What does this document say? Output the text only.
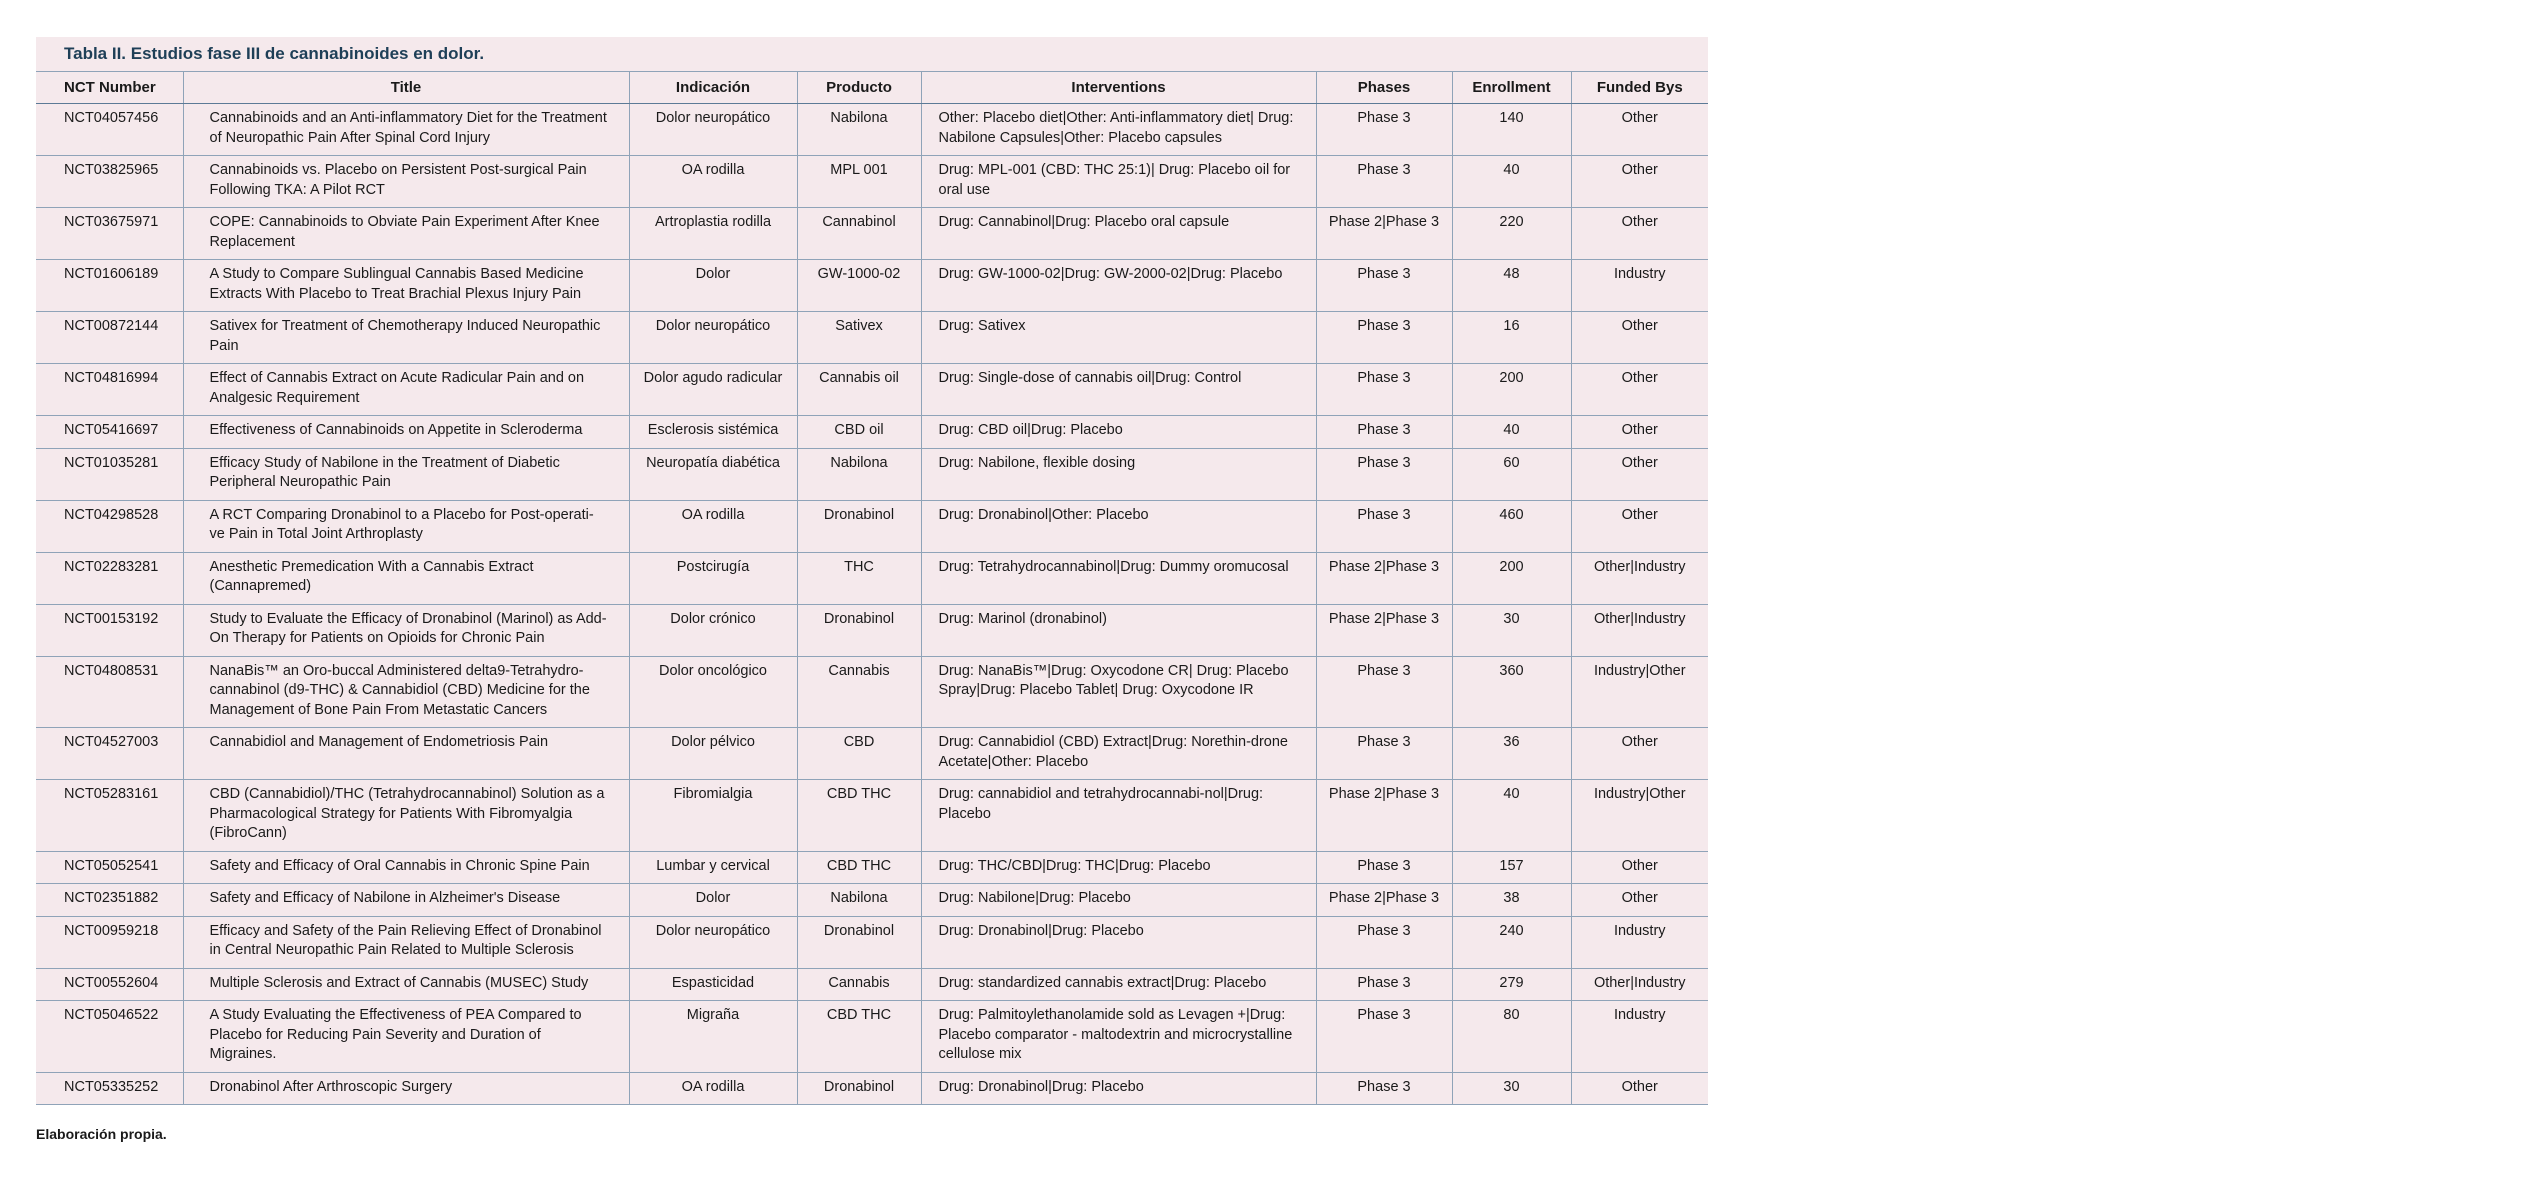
Tabla II. Estudios fase III de cannabinoides en dolor.
NCT Number	Title	Indicación	Producto	Interventions	Phases	Enrollment	Funded Bys
NCT04057456	Cannabinoids and an Anti-inflammatory Diet for the Treatment of Neuropathic Pain After Spinal Cord Injury	Dolor neuropático	Nabilona	Other: Placebo diet|Other: Anti-inflammatory diet| Drug: Nabilone Capsules|Other: Placebo capsules	Phase 3	140	Other
NCT03825965	Cannabinoids vs. Placebo on Persistent Post-surgical Pain Following TKA: A Pilot RCT	OA rodilla	MPL 001	Drug: MPL-001 (CBD: THC 25:1)| Drug: Placebo oil for oral use	Phase 3	40	Other
NCT03675971	COPE: Cannabinoids to Obviate Pain Experiment After Knee Replacement	Artroplastia rodilla	Cannabinol	Drug: Cannabinol|Drug: Placebo oral capsule	Phase 2|Phase 3	220	Other
NCT01606189	A Study to Compare Sublingual Cannabis Based Medicine Extracts With Placebo to Treat Brachial Plexus Injury Pain	Dolor	GW-1000-02	Drug: GW-1000-02|Drug: GW-2000-02|Drug: Placebo	Phase 3	48	Industry
NCT00872144	Sativex for Treatment of Chemotherapy Induced Neuropathic Pain	Dolor neuropático	Sativex	Drug: Sativex	Phase 3	16	Other
NCT04816994	Effect of Cannabis Extract on Acute Radicular Pain and on Analgesic Requirement	Dolor agudo radicular	Cannabis oil	Drug: Single-dose of cannabis oil|Drug: Control	Phase 3	200	Other
NCT05416697	Effectiveness of Cannabinoids on Appetite in Scleroderma	Esclerosis sistémica	CBD oil	Drug: CBD oil|Drug: Placebo	Phase 3	40	Other
NCT01035281	Efficacy Study of Nabilone in the Treatment of Diabetic Peripheral Neuropathic Pain	Neuropatía diabética	Nabilona	Drug: Nabilone, flexible dosing	Phase 3	60	Other
NCT04298528	A RCT Comparing Dronabinol to a Placebo for Post-operati-ve Pain in Total Joint Arthroplasty	OA rodilla	Dronabinol	Drug: Dronabinol|Other: Placebo	Phase 3	460	Other
NCT02283281	Anesthetic Premedication With a Cannabis Extract (Cannapremed)	Postcirugía	THC	Drug: Tetrahydrocannabinol|Drug: Dummy oromucosal	Phase 2|Phase 3	200	Other|Industry
NCT00153192	Study to Evaluate the Efficacy of Dronabinol (Marinol) as Add-On Therapy for Patients on Opioids for Chronic Pain	Dolor crónico	Dronabinol	Drug: Marinol (dronabinol)	Phase 2|Phase 3	30	Other|Industry
NCT04808531	NanaBis™ an Oro-buccal Administered delta9-Tetrahydro-cannabinol (d9-THC) & Cannabidiol (CBD) Medicine for the Management of Bone Pain From Metastatic Cancers	Dolor oncológico	Cannabis	Drug: NanaBis™|Drug: Oxycodone CR| Drug: Placebo Spray|Drug: Placebo Tablet| Drug: Oxycodone IR	Phase 3	360	Industry|Other
NCT04527003	Cannabidiol and Management of Endometriosis Pain	Dolor pélvico	CBD	Drug: Cannabidiol (CBD) Extract|Drug: Norethin-drone Acetate|Other: Placebo	Phase 3	36	Other
NCT05283161	CBD (Cannabidiol)/THC (Tetrahydrocannabinol) Solution as a Pharmacological Strategy for Patients With Fibromyalgia (FibroCann)	Fibromialgia	CBD THC	Drug: cannabidiol and tetrahydrocannabi-nol|Drug: Placebo	Phase 2|Phase 3	40	Industry|Other
NCT05052541	Safety and Efficacy of Oral Cannabis in Chronic Spine Pain	Lumbar y cervical	CBD THC	Drug: THC/CBD|Drug: THC|Drug: Placebo	Phase 3	157	Other
NCT02351882	Safety and Efficacy of Nabilone in Alzheimer's Disease	Dolor	Nabilona	Drug: Nabilone|Drug: Placebo	Phase 2|Phase 3	38	Other
NCT00959218	Efficacy and Safety of the Pain Relieving Effect of Dronabinol in Central Neuropathic Pain Related to Multiple Sclerosis	Dolor neuropático	Dronabinol	Drug: Dronabinol|Drug: Placebo	Phase 3	240	Industry
NCT00552604	Multiple Sclerosis and Extract of Cannabis (MUSEC) Study	Espasticidad	Cannabis	Drug: standardized cannabis extract|Drug: Placebo	Phase 3	279	Other|Industry
NCT05046522	A Study Evaluating the Effectiveness of PEA Compared to Placebo for Reducing Pain Severity and Duration of Migraines.	Migraña	CBD THC	Drug: Palmitoylethanolamide sold as Levagen +|Drug: Placebo comparator - maltodextrin and microcrystalline cellulose mix	Phase 3	80	Industry
NCT05335252	Dronabinol After Arthroscopic Surgery	OA rodilla	Dronabinol	Drug: Dronabinol|Drug: Placebo	Phase 3	30	Other
Elaboración propia.
